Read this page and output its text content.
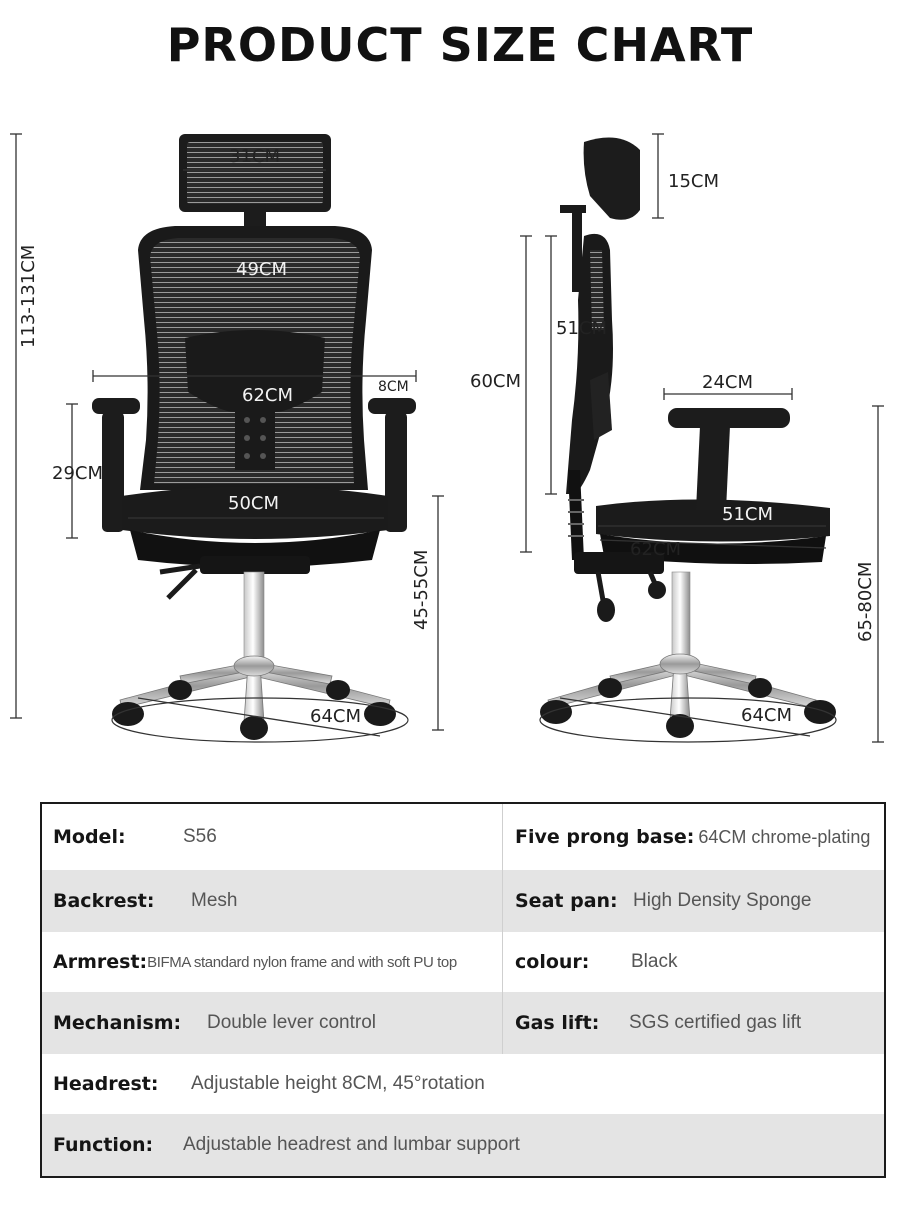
PRODUCT SIZE CHART
31CM
49CM
62CM	8CM
29CM
50CM
113-131CM
45-55CM
64CM
15CM
51CM
60CM	24CM
51CM
62CM
64CM
65-80CM
Model:	S56	Five prong base: 64CM chrome-plating
Backrest:	Mesh	Seat pan: High Density Sponge
Armrest: BIFMA standard nylon frame and with soft PU top	colour:	Black
Mechanism:	Double lever control	Gas lift:	SGS certified gas lift
Headrest:	Adjustable height 8CM, 45°rotation
Function:	Adjustable headrest and lumbar support
